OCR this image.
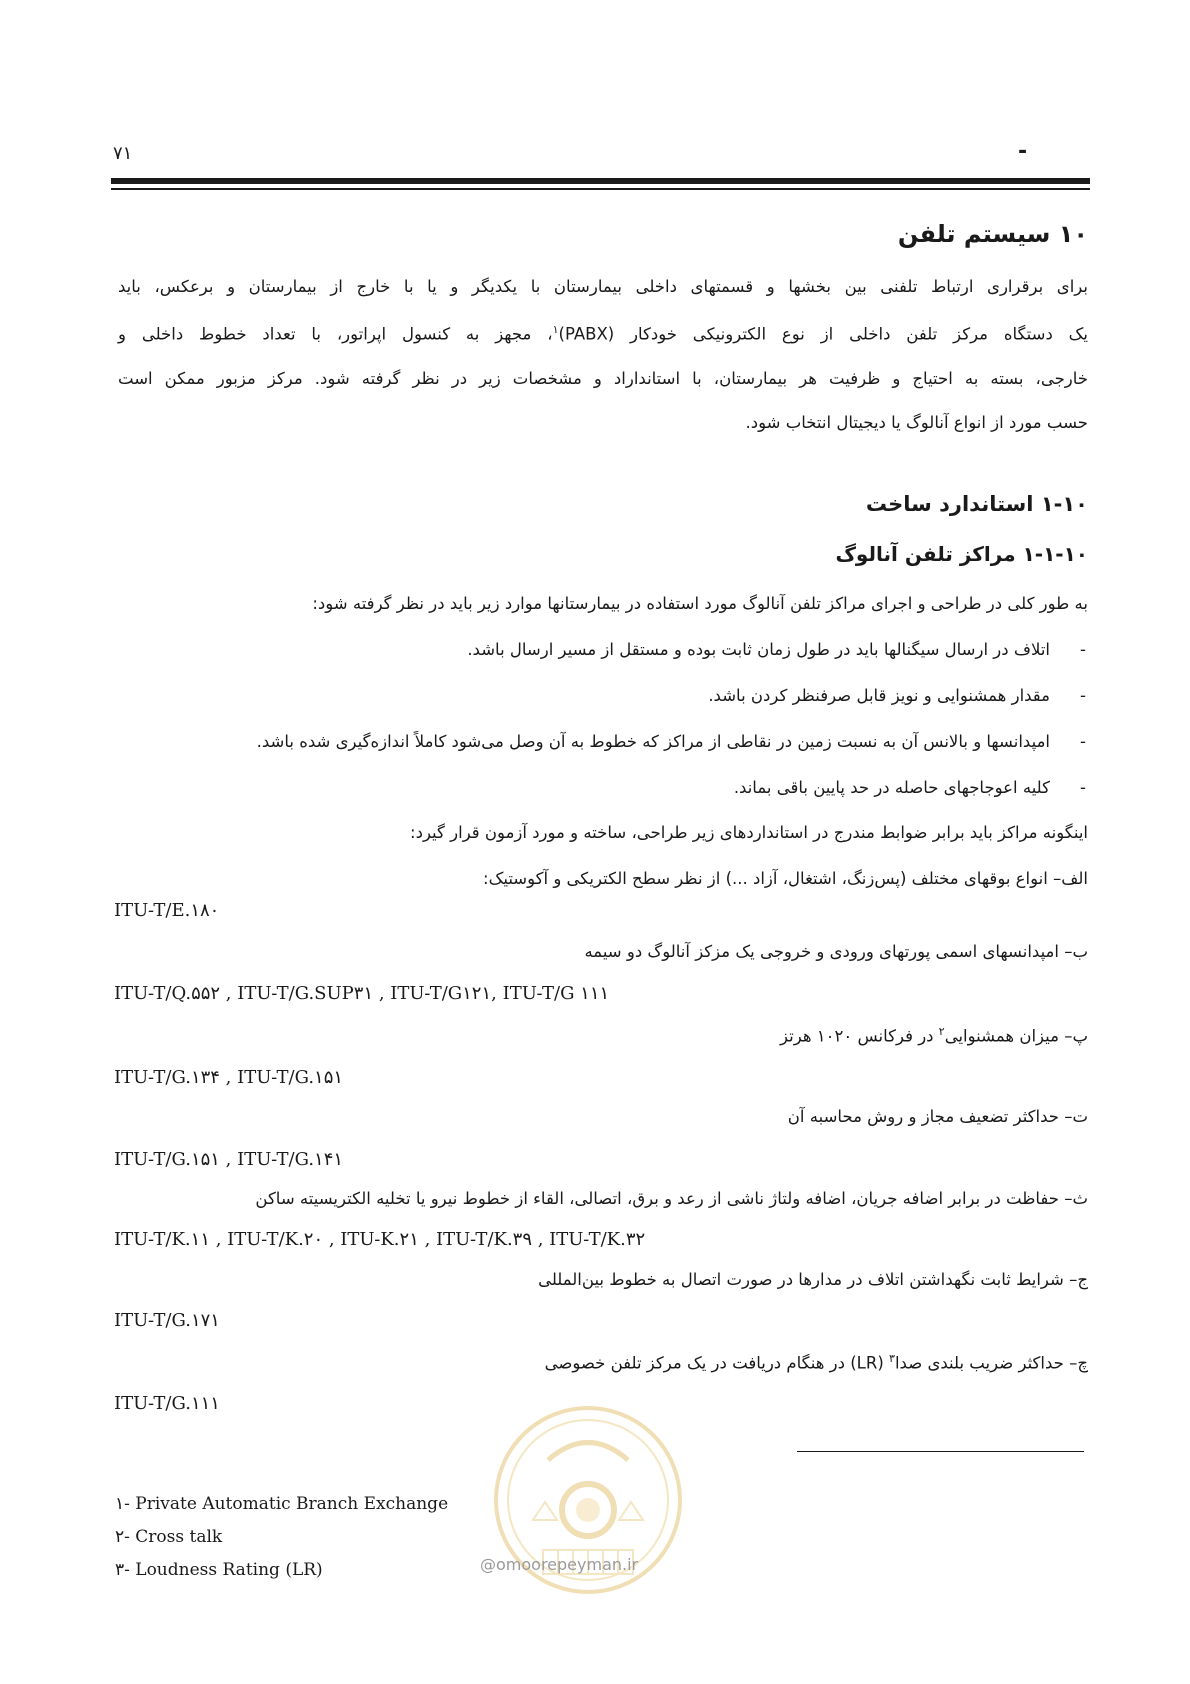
۷۱	-
۱۰ سیستم تلفن
برای برقراری ارتباط تلفنی بین بخشها و قسمتهای داخلی بیمارستان با یکدیگر و یا با خارج از بیمارستان و برعکس، باید
یک دستگاه مرکز تلفن داخلی از نوع الکترونیکی خودکار (PABX)$^۱$، مجهز به کنسول اپراتور، با تعداد خطوط داخلی و
خارجی، بسته به احتیاج و ظرفیت هر بیمارستان، با استانداراد و مشخصات زیر در نظر گرفته شود. مرکز مزبور ممکن است
حسب مورد از انواع آنالوگ یا دیجیتال انتخاب شود.
۱-۱۰ استاندارد ساخت
۱-۱-۱۰ مراکز تلفن آنالوگ
به طور کلی در طراحی و اجرای مراکز تلفن آنالوگ مورد استفاده در بیمارستانها موارد زیر باید در نظر گرفته شود:
-
اتلاف در ارسال سیگنالها باید در طول زمان ثابت بوده و مستقل از مسیر ارسال باشد.
-
مقدار همشنوایی و نویز قابل صرفنظر کردن باشد.
-
امپدانسها و بالانس آن به نسبت زمین در نقاطی از مراکز که خطوط به آن وصل می‌شود کاملاً اندازه‌گیری شده باشد.
-
کلیه اعوجاجهای حاصله در حد پایین باقی بماند.
اینگونه مراکز باید برابر ضوابط مندرج در استانداردهای زیر طراحی، ساخته و مورد آزمون قرار گیرد:
الف– انواع بوقهای مختلف (پس‌زنگ، اشتغال، آزاد ...) از نظر سطح الکتریکی و آکوستیک:
ITU-T/E.۱۸۰
ب– امپدانسهای اسمی پورتهای ورودی و خروجی یک مزکز آنالوگ دو سیمه
ITU-T/Q.۵۵۲ , ITU-T/G.SUP۳۱ , ITU-T/G۱۲۱, ITU-T/G ۱۱۱
پ– میزان همشنوایی$^۲$ در فرکانس ۱۰۲۰ هرتز
ITU-T/G.۱۳۴ , ITU-T/G.۱۵۱
ت– حداکثر تضعیف مجاز و روش محاسبه آن
ITU-T/G.۱۵۱ , ITU-T/G.۱۴۱
ث– حفاظت در برابر اضافه جریان، اضافه ولتاژ ناشی از رعد و برق، اتصالی، القاء از خطوط نیرو یا تخلیه الکتریسیته ساکن
ITU-T/K.۱۱ , ITU-T/K.۲۰ , ITU-K.۲۱ , ITU-T/K.۳۹ , ITU-T/K.۳۲
ج– شرایط ثابت نگهداشتن اتلاف در مدارها در صورت اتصال به خطوط بین‌المللی
ITU-T/G.۱۷۱
چ– حداکثر ضریب بلندی صدا$^۳$ (LR) در هنگام دریافت در یک مرکز تلفن خصوصی
ITU-T/G.۱۱۱
@omoorepeyman.ir
۱- Private Automatic Branch Exchange
۲- Cross talk
۳- Loudness Rating (LR)
